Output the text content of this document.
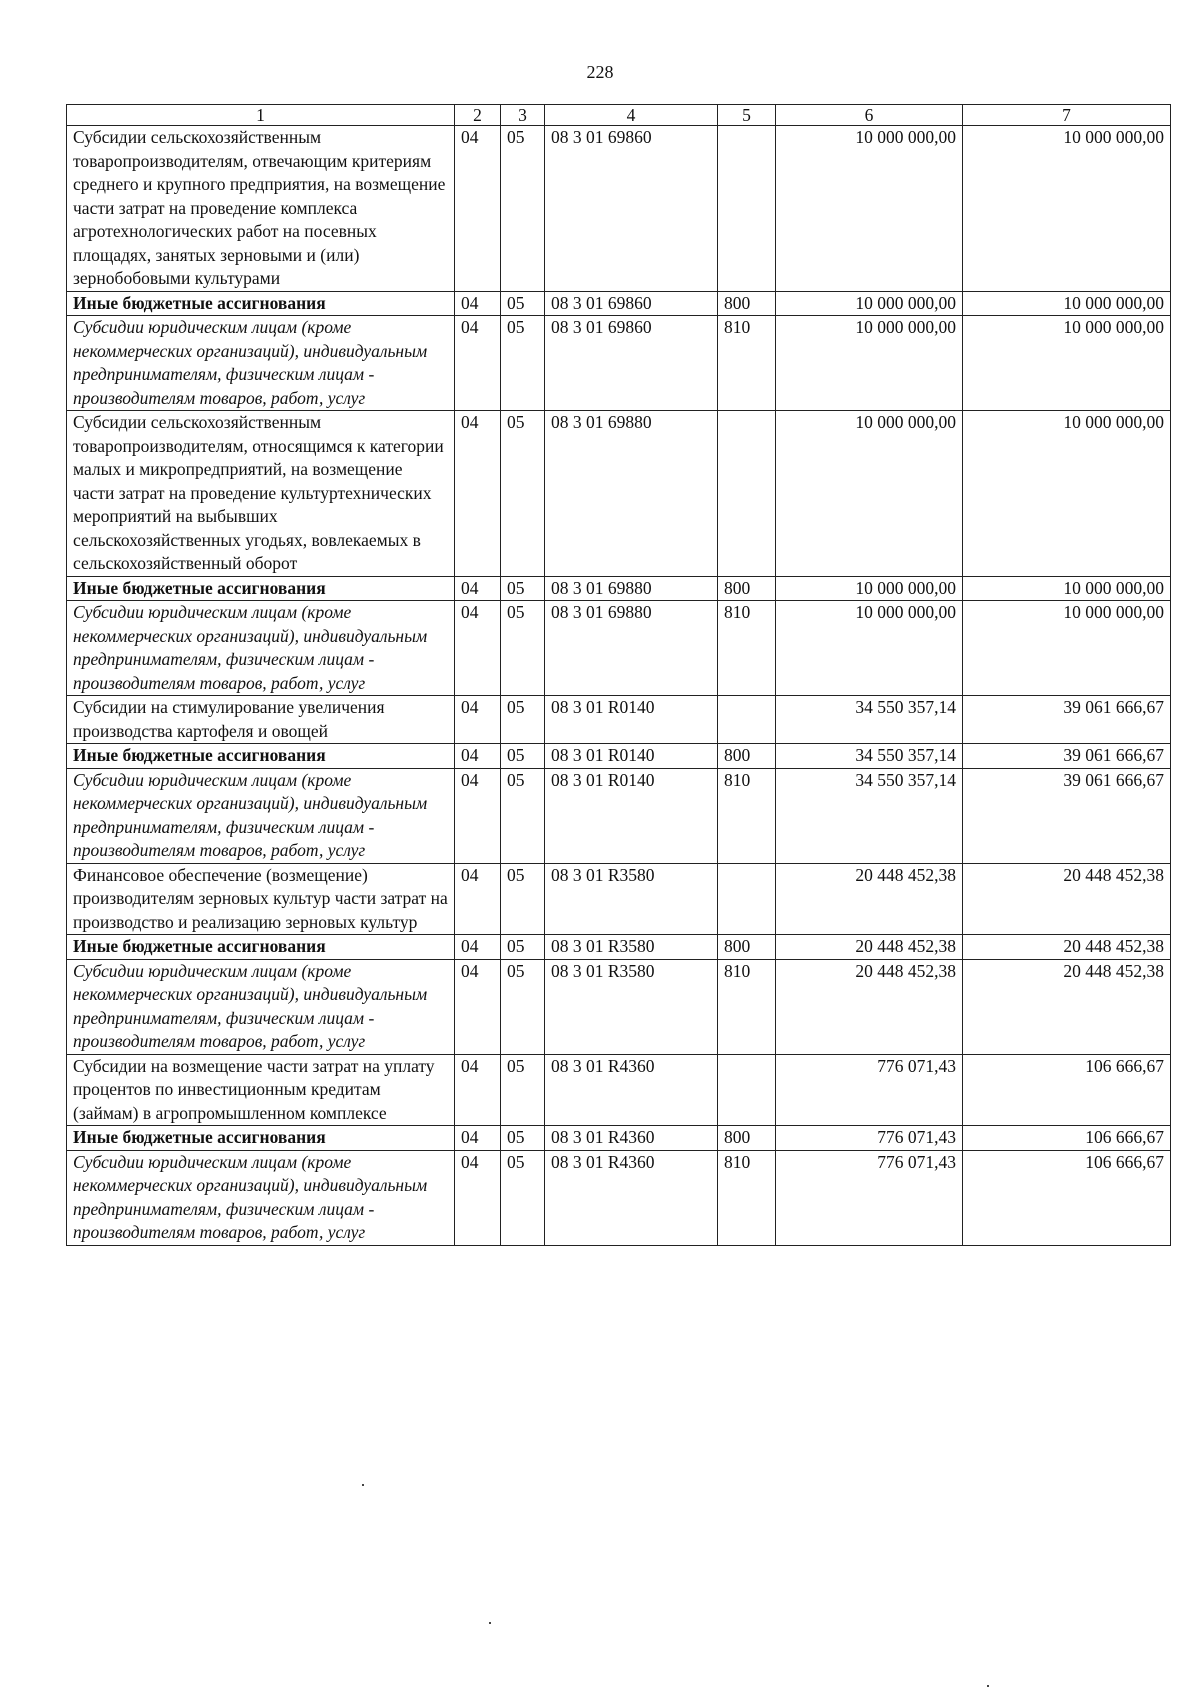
228
1	2	3	4	5	6	7
Субсидии сельскохозяйственным товаропроизводителям, отвечающим критериям среднего и крупного предприятия, на возмещение части затрат на проведение комплекса агротехнологических работ на посевных площадях, занятых зерновыми и (или) зернобобовыми культурами	04	05	08 3 01 69860		10 000 000,00	10 000 000,00
Иные бюджетные ассигнования	04	05	08 3 01 69860	800	10 000 000,00	10 000 000,00
Субсидии юридическим лицам (кроме некоммерческих организаций), индивидуальным предпринимателям, физическим лицам - производителям товаров, работ, услуг	04	05	08 3 01 69860	810	10 000 000,00	10 000 000,00
Субсидии сельскохозяйственным товаропроизводителям, относящимся к категории малых и микропредприятий, на возмещение части затрат на проведение культуртехнических мероприятий на выбывших сельскохозяйственных угодьях, вовлекаемых в сельскохозяйственный оборот	04	05	08 3 01 69880		10 000 000,00	10 000 000,00
Иные бюджетные ассигнования	04	05	08 3 01 69880	800	10 000 000,00	10 000 000,00
Субсидии юридическим лицам (кроме некоммерческих организаций), индивидуальным предпринимателям, физическим лицам - производителям товаров, работ, услуг	04	05	08 3 01 69880	810	10 000 000,00	10 000 000,00
Субсидии на стимулирование увеличения производства картофеля и овощей	04	05	08 3 01 R0140		34 550 357,14	39 061 666,67
Иные бюджетные ассигнования	04	05	08 3 01 R0140	800	34 550 357,14	39 061 666,67
Субсидии юридическим лицам (кроме некоммерческих организаций), индивидуальным предпринимателям, физическим лицам - производителям товаров, работ, услуг	04	05	08 3 01 R0140	810	34 550 357,14	39 061 666,67
Финансовое обеспечение (возмещение) производителям зерновых культур части затрат на производство и реализацию зерновых культур	04	05	08 3 01 R3580		20 448 452,38	20 448 452,38
Иные бюджетные ассигнования	04	05	08 3 01 R3580	800	20 448 452,38	20 448 452,38
Субсидии юридическим лицам (кроме некоммерческих организаций), индивидуальным предпринимателям, физическим лицам - производителям товаров, работ, услуг	04	05	08 3 01 R3580	810	20 448 452,38	20 448 452,38
Субсидии на возмещение части затрат на уплату процентов по инвестиционным кредитам (займам) в агропромышленном комплексе	04	05	08 3 01 R4360		776 071,43	106 666,67
Иные бюджетные ассигнования	04	05	08 3 01 R4360	800	776 071,43	106 666,67
Субсидии юридическим лицам (кроме некоммерческих организаций), индивидуальным предпринимателям, физическим лицам - производителям товаров, работ, услуг	04	05	08 3 01 R4360	810	776 071,43	106 666,67
